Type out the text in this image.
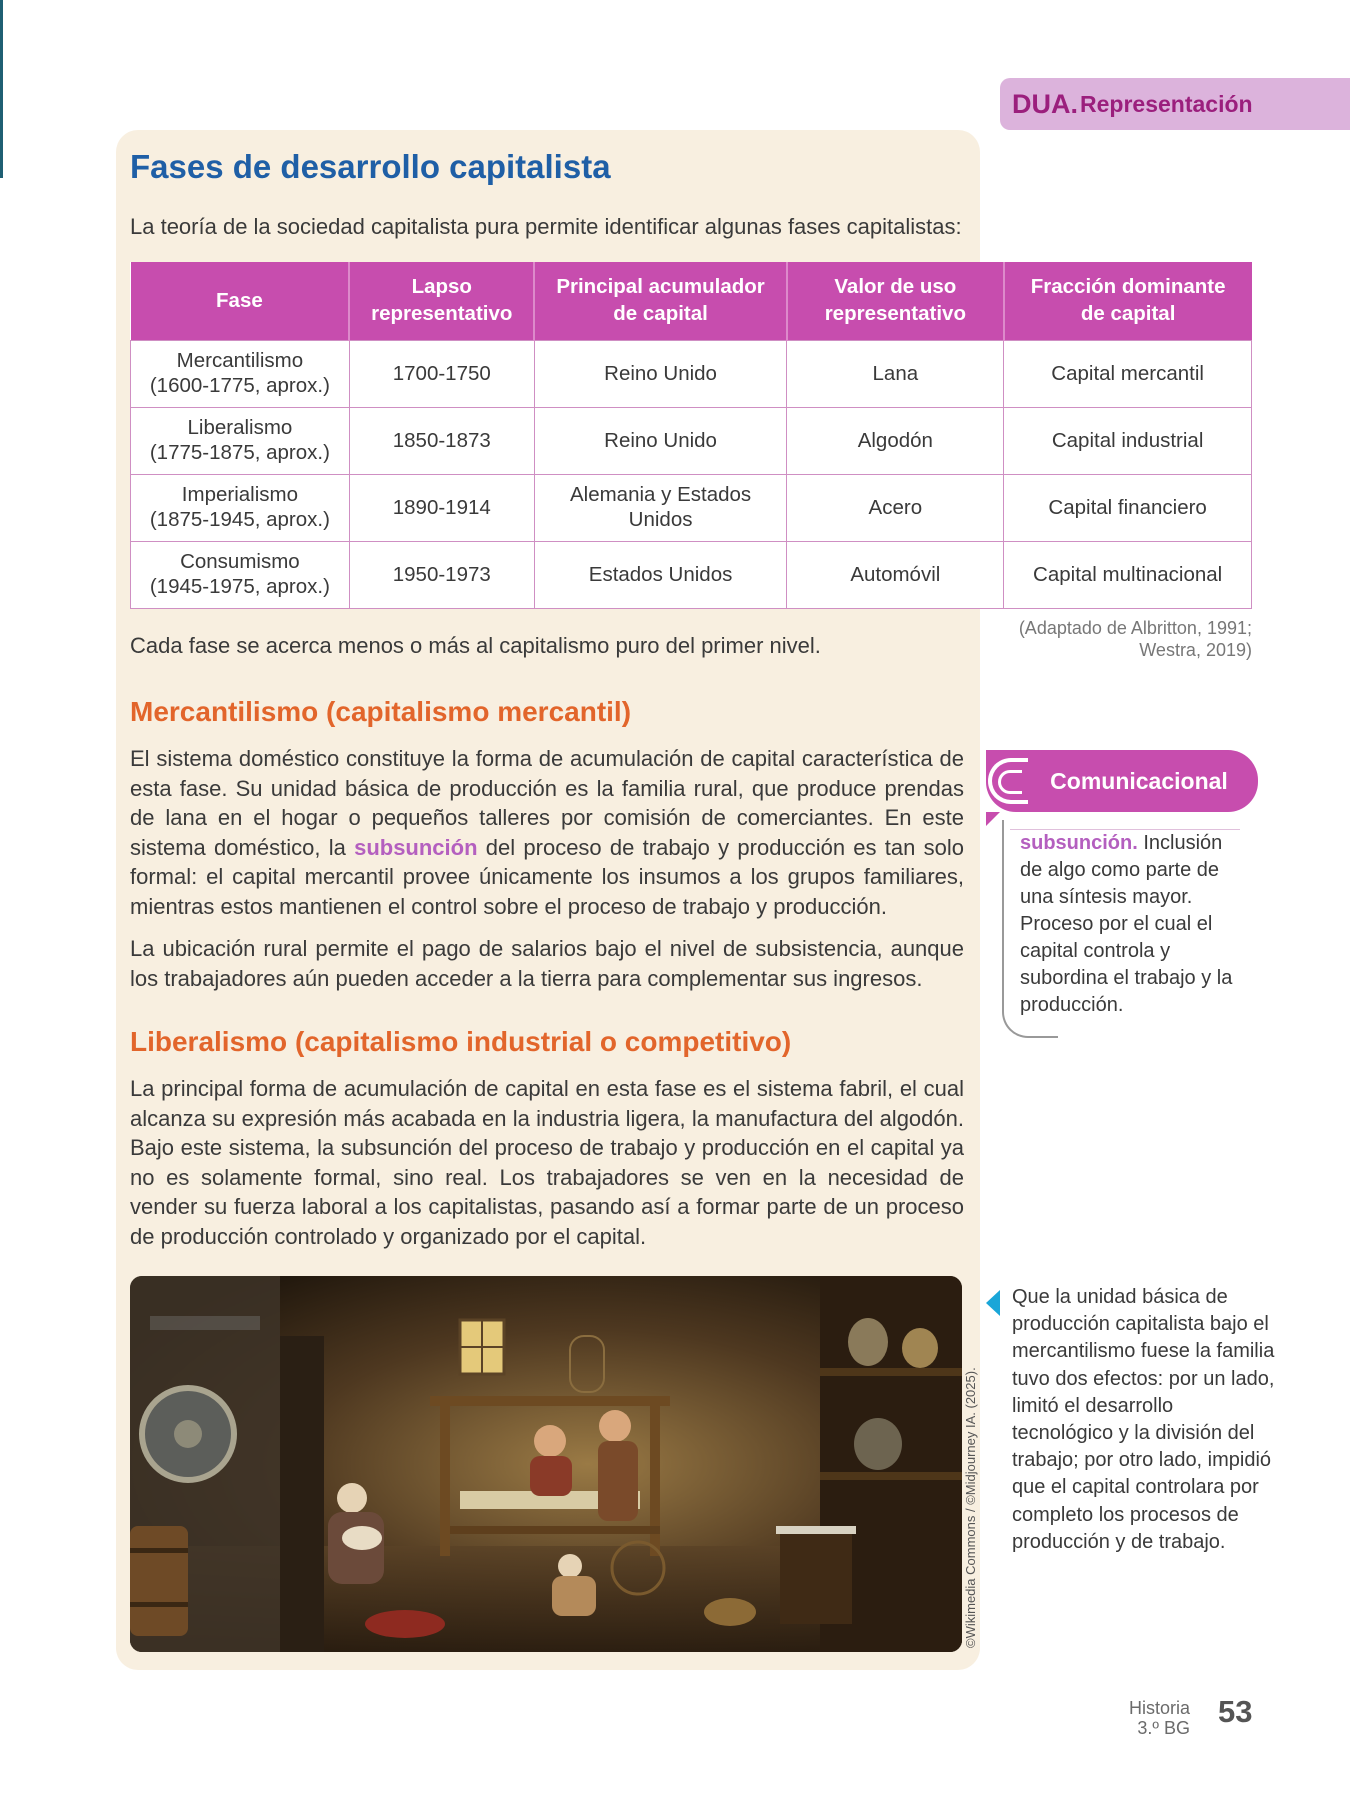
DUA. Representación
Fases de desarrollo capitalista
La teoría de la sociedad capitalista pura permite identificar algunas fases capitalistas:
Fase	Lapso representativo	Principal acumulador de capital	Valor de uso representativo	Fracción dominante de capital
Mercantilismo
(1600-1775, aprox.)	1700-1750	Reino Unido	Lana	Capital mercantil
Liberalismo
(1775-1875, aprox.)	1850-1873	Reino Unido	Algodón	Capital industrial
Imperialismo
(1875-1945, aprox.)	1890-1914	Alemania y Estados Unidos	Acero	Capital financiero
Consumismo
(1945-1975, aprox.)	1950-1973	Estados Unidos	Automóvil	Capital multinacional
(Adaptado de Albritton, 1991;
Westra, 2019)
Cada fase se acerca menos o más al capitalismo puro del primer nivel.
Mercantilismo (capitalismo mercantil)

El sistema doméstico constituye la forma de acumulación de capital característica de esta fase. Su unidad básica de producción es la familia rural, que produce prendas de lana en el hogar o pequeños talleres por comisión de comerciantes. En este sistema doméstico, la subsunción del proceso de trabajo y producción es tan solo formal: el capital mercantil provee únicamente los insumos a los grupos familiares, mientras estos mantienen el control sobre el proceso de trabajo y producción.

La ubicación rural permite el pago de salarios bajo el nivel de subsistencia, aunque los trabajadores aún pueden acceder a la tierra para complementar sus ingresos.

Liberalismo (capitalismo industrial o competitivo)

La principal forma de acumulación de capital en esta fase es el sistema fabril, el cual alcanza su expresión más acabada en la industria ligera, la manufactura del algodón. Bajo este sistema, la subsunción del proceso de trabajo y producción en el capital ya no es solamente formal, sino real. Los trabajadores se ven en la necesidad de vender su fuerza laboral a los capitalistas, pasando así a formar parte de un proceso de producción controlado y organizado por el capital.

Comunicacional
subsunción. Inclusión de algo como parte de una síntesis mayor. Proceso por el cual el capital controla y subordina el trabajo y la producción.
©Wikimedia Commons / ©Midjourney IA. (2025).
Que la unidad básica de producción capitalista bajo el mercantilismo fuese la familia tuvo dos efectos: por un lado, limitó el desarrollo tecnológico y la división del trabajo; por otro lado, impidió que el capital controlara por completo los procesos de producción y de trabajo.
Historia
3.º BG 53
